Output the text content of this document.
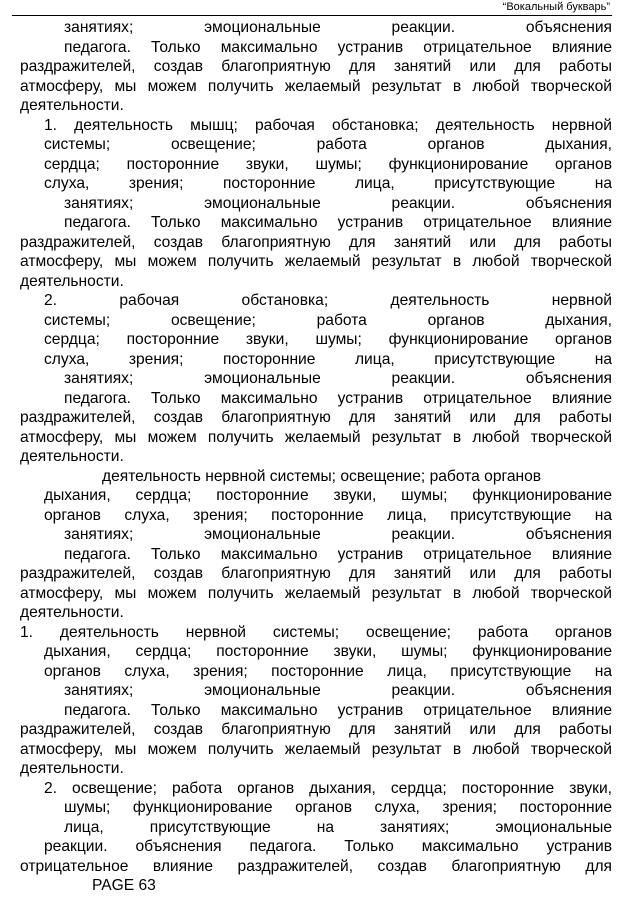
“Вокальный букварь”
занятиях; эмоциональные реакции. объяснения
педагога. Только максимально устранив отрицательное влияние
раздражителей, создав благоприятную для занятий или для работы
атмосферу, мы можем получить желаемый результат в любой творческой
деятельности.
1. деятельность мышц; рабочая обстановка; деятельность нервной
системы; освещение; работа органов дыхания,
сердца; посторонние звуки, шумы; функционирование органов
слуха, зрения; посторонние лица, присутствующие на
занятиях; эмоциональные реакции. объяснения
педагога. Только максимально устранив отрицательное влияние
раздражителей, создав благоприятную для занятий или для работы
атмосферу, мы можем получить желаемый результат в любой творческой
деятельности.
2. рабочая обстановка; деятельность нервной
системы; освещение; работа органов дыхания,
сердца; посторонние звуки, шумы; функционирование органов
слуха, зрения; посторонние лица, присутствующие на
занятиях; эмоциональные реакции. объяснения
педагога. Только максимально устранив отрицательное влияние
раздражителей, создав благоприятную для занятий или для работы
атмосферу, мы можем получить желаемый результат в любой творческой
деятельности.
деятельность нервной системы; освещение; работа органов
дыхания, сердца; посторонние звуки, шумы; функционирование
органов слуха, зрения; посторонние лица, присутствующие на
занятиях; эмоциональные реакции. объяснения
педагога. Только максимально устранив отрицательное влияние
раздражителей, создав благоприятную для занятий или для работы
атмосферу, мы можем получить желаемый результат в любой творческой
деятельности.
1. деятельность нервной системы; освещение; работа органов
дыхания, сердца; посторонние звуки, шумы; функционирование
органов слуха, зрения; посторонние лица, присутствующие на
занятиях; эмоциональные реакции. объяснения
педагога. Только максимально устранив отрицательное влияние
раздражителей, создав благоприятную для занятий или для работы
атмосферу, мы можем получить желаемый результат в любой творческой
деятельности.
2. освещение; работа органов дыхания, сердца; посторонние звуки,
шумы; функционирование органов слуха, зрения; посторонние
лица, присутствующие на занятиях; эмоциональные
реакции. объяснения педагога. Только максимально устранив
отрицательное влияние раздражителей, создав благоприятную для
PAGE 63
